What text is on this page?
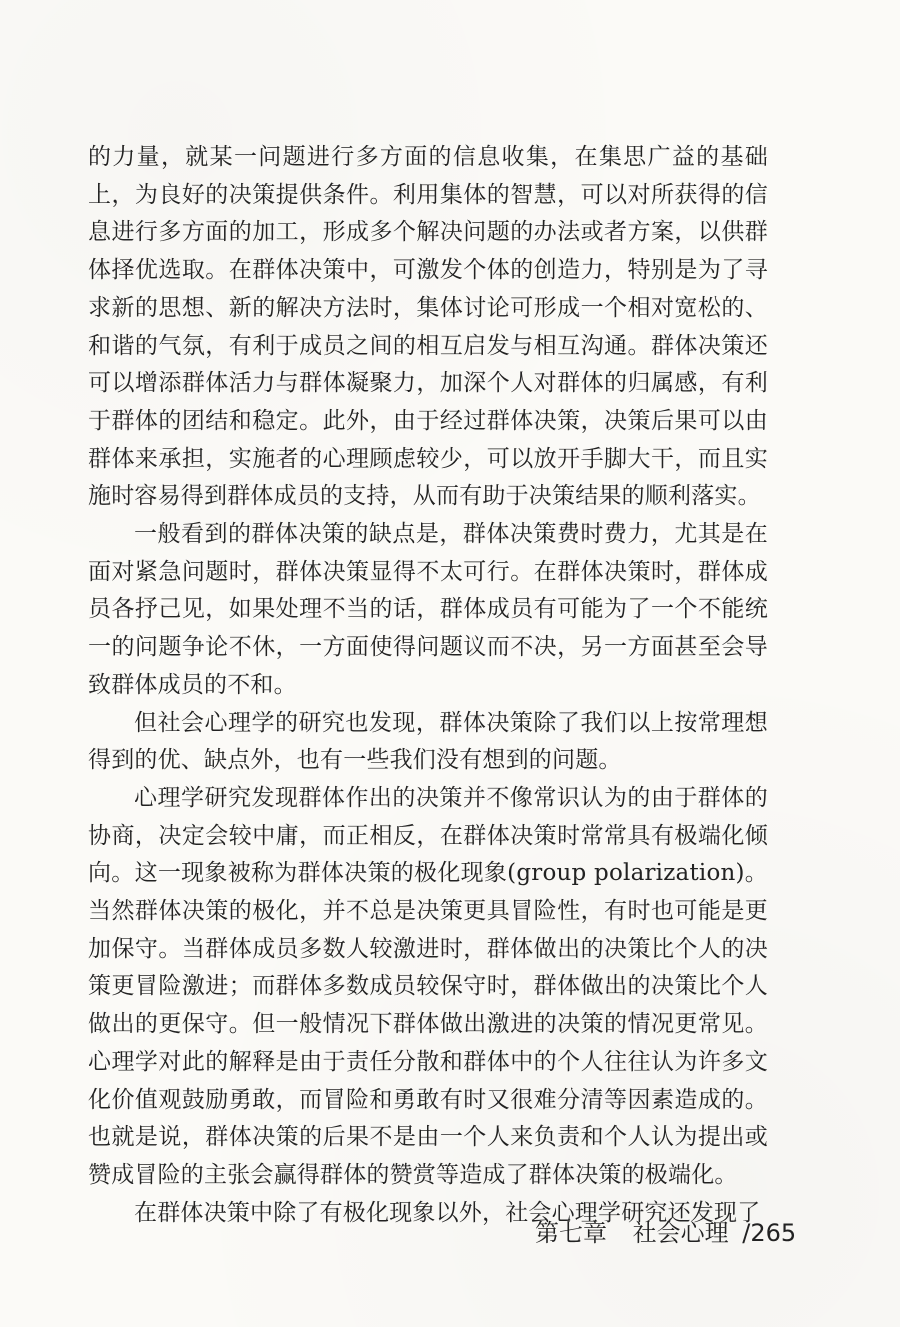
的力量，就某一问题进行多方面的信息收集，在集思广益的基础上，为良好的决策提供条件。利用集体的智慧，可以对所获得的信息进行多方面的加工，形成多个解决问题的办法或者方案，以供群体择优选取。在群体决策中，可激发个体的创造力，特别是为了寻求新的思想、新的解决方法时，集体讨论可形成一个相对宽松的、和谐的气氛，有利于成员之间的相互启发与相互沟通。群体决策还可以增添群体活力与群体凝聚力，加深个人对群体的归属感，有利于群体的团结和稳定。此外，由于经过群体决策，决策后果可以由群体来承担，实施者的心理顾虑较少，可以放开手脚大干，而且实施时容易得到群体成员的支持，从而有助于决策结果的顺利落实。

一般看到的群体决策的缺点是，群体决策费时费力，尤其是在面对紧急问题时，群体决策显得不太可行。在群体决策时，群体成员各抒己见，如果处理不当的话，群体成员有可能为了一个不能统一的问题争论不休，一方面使得问题议而不决，另一方面甚至会导致群体成员的不和。

但社会心理学的研究也发现，群体决策除了我们以上按常理想得到的优、缺点外，也有一些我们没有想到的问题。

心理学研究发现群体作出的决策并不像常识认为的由于群体的协商，决定会较中庸，而正相反，在群体决策时常常具有极端化倾向。这一现象被称为群体决策的极化现象(group polarization)。当然群体决策的极化，并不总是决策更具冒险性，有时也可能是更加保守。当群体成员多数人较激进时，群体做出的决策比个人的决策更冒险激进；而群体多数成员较保守时，群体做出的决策比个人做出的更保守。但一般情况下群体做出激进的决策的情况更常见。心理学对此的解释是由于责任分散和群体中的个人往往认为许多文化价值观鼓励勇敢，而冒险和勇敢有时又很难分清等因素造成的。也就是说，群体决策的后果不是由一个人来负责和个人认为提出或赞成冒险的主张会赢得群体的赞赏等造成了群体决策的极端化。

在群体决策中除了有极化现象以外，社会心理学研究还发现了

第七章 社会心理 /265
